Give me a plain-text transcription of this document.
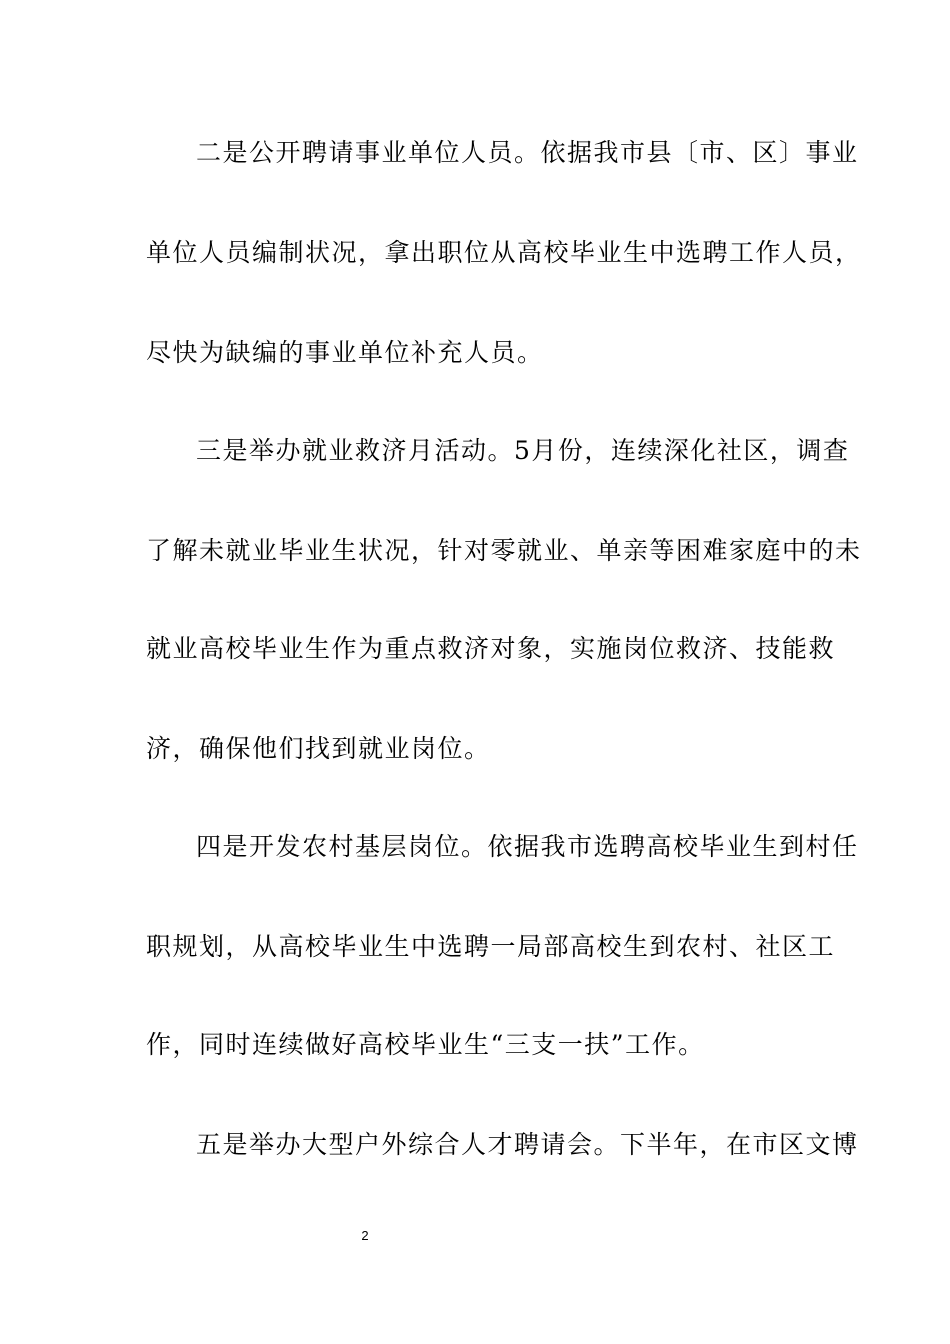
二是公开聘请事业单位人员。依据我市县〔市、区〕事业
单位人员编制状况，拿出职位从高校毕业生中选聘工作人员，
尽快为缺编的事业单位补充人员。
三是举办就业救济月活动。5月份，连续深化社区，调查
了解未就业毕业生状况，针对零就业、单亲等困难家庭中的未
就业高校毕业生作为重点救济对象，实施岗位救济、技能救
济，确保他们找到就业岗位。
四是开发农村基层岗位。依据我市选聘高校毕业生到村任
职规划，从高校毕业生中选聘一局部高校生到农村、社区工
作，同时连续做好高校毕业生“三支一扶”工作。
五是举办大型户外综合人才聘请会。下半年，在市区文博
2
